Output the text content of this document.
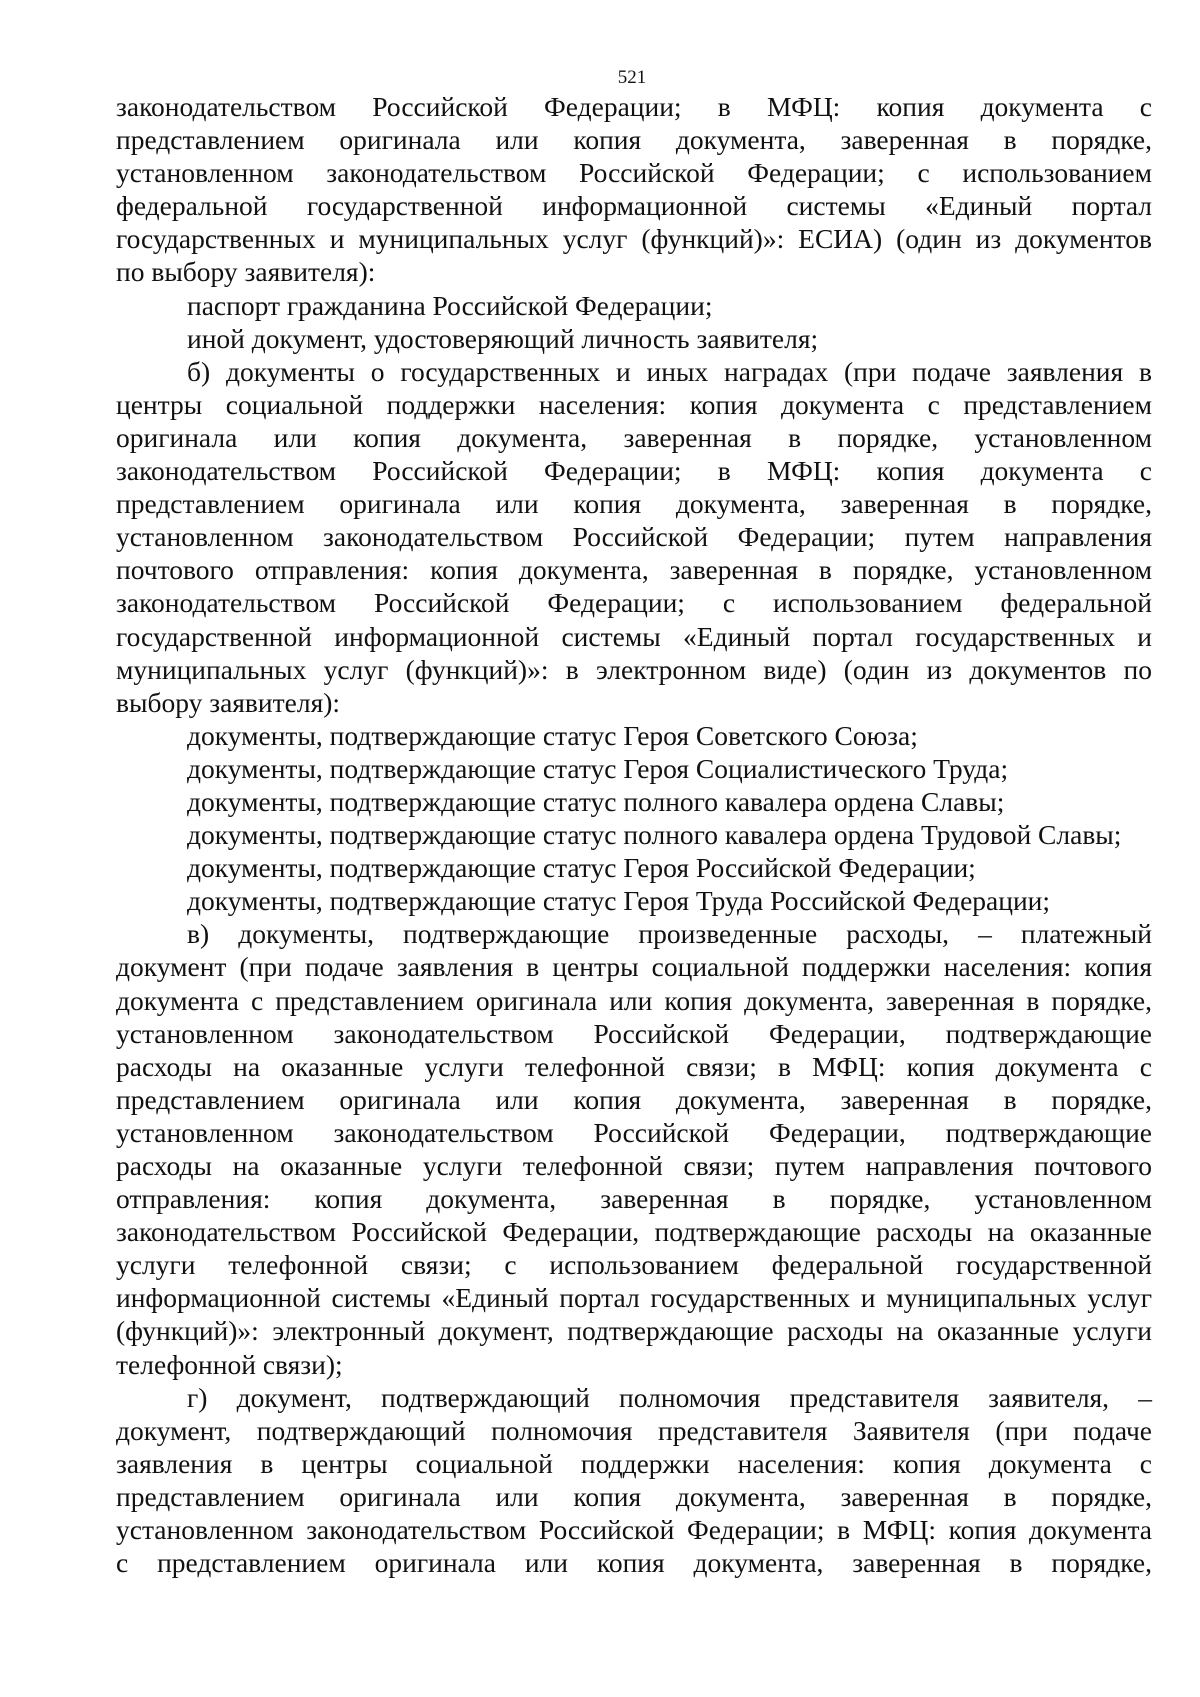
521

законодательством Российской Федерации; в МФЦ: копия документа с

представлением оригинала или копия документа, заверенная в порядке,

установленном законодательством Российской Федерации; с использованием

федеральной государственной информационной системы «Единый портал

государственных и муниципальных услуг (функций)»: ЕСИА) (один из документов

по выбору заявителя):

паспорт гражданина Российской Федерации;

иной документ, удостоверяющий личность заявителя;

б) документы о государственных и иных наградах (при подаче заявления в

центры социальной поддержки населения: копия документа с представлением

оригинала или копия документа, заверенная в порядке, установленном

законодательством Российской Федерации; в МФЦ: копия документа с

представлением оригинала или копия документа, заверенная в порядке,

установленном законодательством Российской Федерации; путем направления

почтового отправления: копия документа, заверенная в порядке, установленном

законодательством Российской Федерации; с использованием федеральной

государственной информационной системы «Единый портал государственных и

муниципальных услуг (функций)»: в электронном виде) (один из документов по

выбору заявителя):

документы, подтверждающие статус Героя Советского Союза;

документы, подтверждающие статус Героя Социалистического Труда;

документы, подтверждающие статус полного кавалера ордена Славы;

документы, подтверждающие статус полного кавалера ордена Трудовой Славы;

документы, подтверждающие статус Героя Российской Федерации;

документы, подтверждающие статус Героя Труда Российской Федерации;

в) документы, подтверждающие произведенные расходы, – платежный

документ (при подаче заявления в центры социальной поддержки населения: копия

документа с представлением оригинала или копия документа, заверенная в порядке,

установленном законодательством Российской Федерации, подтверждающие

расходы на оказанные услуги телефонной связи; в МФЦ: копия документа с

представлением оригинала или копия документа, заверенная в порядке,

установленном законодательством Российской Федерации, подтверждающие

расходы на оказанные услуги телефонной связи; путем направления почтового

отправления: копия документа, заверенная в порядке, установленном

законодательством Российской Федерации, подтверждающие расходы на оказанные

услуги телефонной связи; с использованием федеральной государственной

информационной системы «Единый портал государственных и муниципальных услуг

(функций)»: электронный документ, подтверждающие расходы на оказанные услуги

телефонной связи);

г) документ, подтверждающий полномочия представителя заявителя, –

документ, подтверждающий полномочия представителя Заявителя (при подаче

заявления в центры социальной поддержки населения: копия документа с

представлением оригинала или копия документа, заверенная в порядке,

установленном законодательством Российской Федерации; в МФЦ: копия документа

с представлением оригинала или копия документа, заверенная в порядке,
